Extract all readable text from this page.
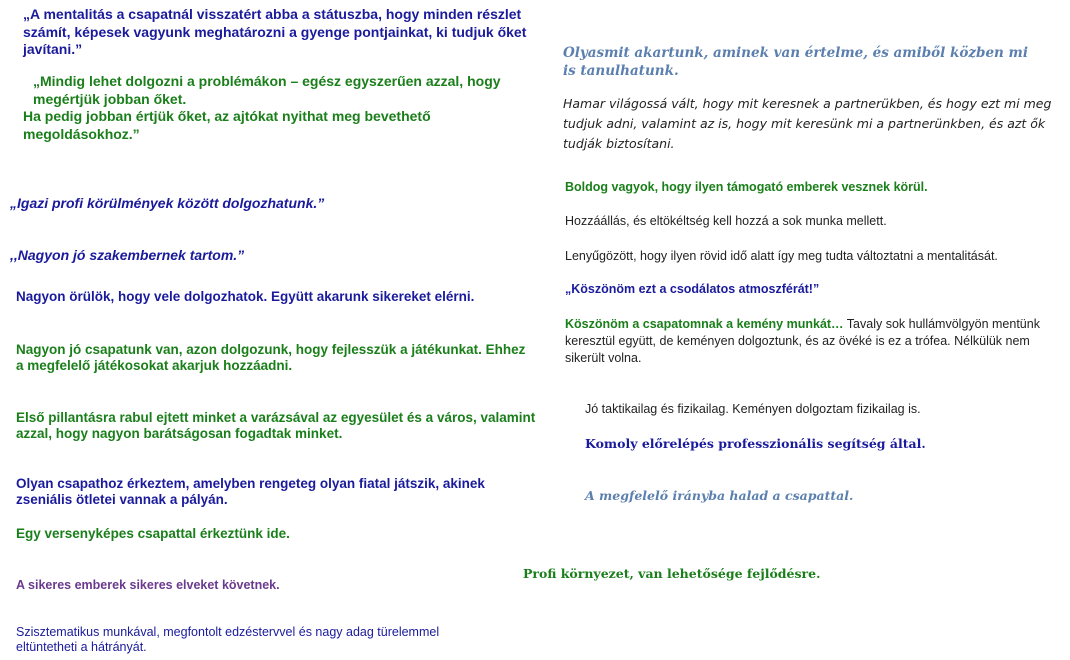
„A mentalitás a csapatnál visszatért abba a státuszba, hogy minden részlet számít, képesek vagyunk meghatározni a gyenge pontjainkat, ki tudjuk őket javítani.”

„Mindig lehet dolgozni a problémákon – egész egyszerűen azzal, hogy megértjük jobban őket.
Ha pedig jobban értjük őket, az ajtókat nyithat meg bevethető megoldásokhoz.”

„Igazi profi körülmények között dolgozhatunk.”

,,Nagyon jó szakembernek tartom.”

Nagyon örülök, hogy vele dolgozhatok. Együtt akarunk sikereket elérni.

Nagyon jó csapatunk van, azon dolgozunk, hogy fejlesszük a játékunkat. Ehhez a megfelelő játékosokat akarjuk hozzáadni.

Első pillantásra rabul ejtett minket a varázsával az egyesület és a város, valamint azzal, hogy nagyon barátságosan fogadtak minket.

Olyan csapathoz érkeztem, amelyben rengeteg olyan fiatal játszik, akinek zseniális ötletei vannak a pályán.

Egy versenyképes csapattal érkeztünk ide.

A sikeres emberek sikeres elveket követnek.

Szisztematikus munkával, megfontolt edzéstervvel és nagy adag türelemmel eltüntetheti a hátrányát.

Olyasmit akartunk, aminek van értelme, és amiből közben mi is tanulhatunk.

Hamar világossá vált, hogy mit keresnek a partnerükben, és hogy ezt mi meg tudjuk adni, valamint az is, hogy mit keresünk mi a partnerünkben, és azt ők tudják biztosítani.

Boldog vagyok, hogy ilyen támogató emberek vesznek körül.

Hozzáállás, és eltökéltség kell hozzá a sok munka mellett.

Lenyűgözött, hogy ilyen rövid idő alatt így meg tudta változtatni a mentalitását.

„Köszönöm ezt a csodálatos atmoszférát!”

Köszönöm a csapatomnak a kemény munkát… Tavaly sok hullámvölgyön mentünk keresztül együtt, de keményen dolgoztunk, és az övéké is ez a trófea. Nélkülük nem sikerült volna.

Jó taktikailag és fizikailag. Keményen dolgoztam fizikailag is.

Komoly előrelépés professzionális segítség által.

A megfelelő irányba halad a csapattal.

Profi környezet, van lehetősége fejlődésre.
